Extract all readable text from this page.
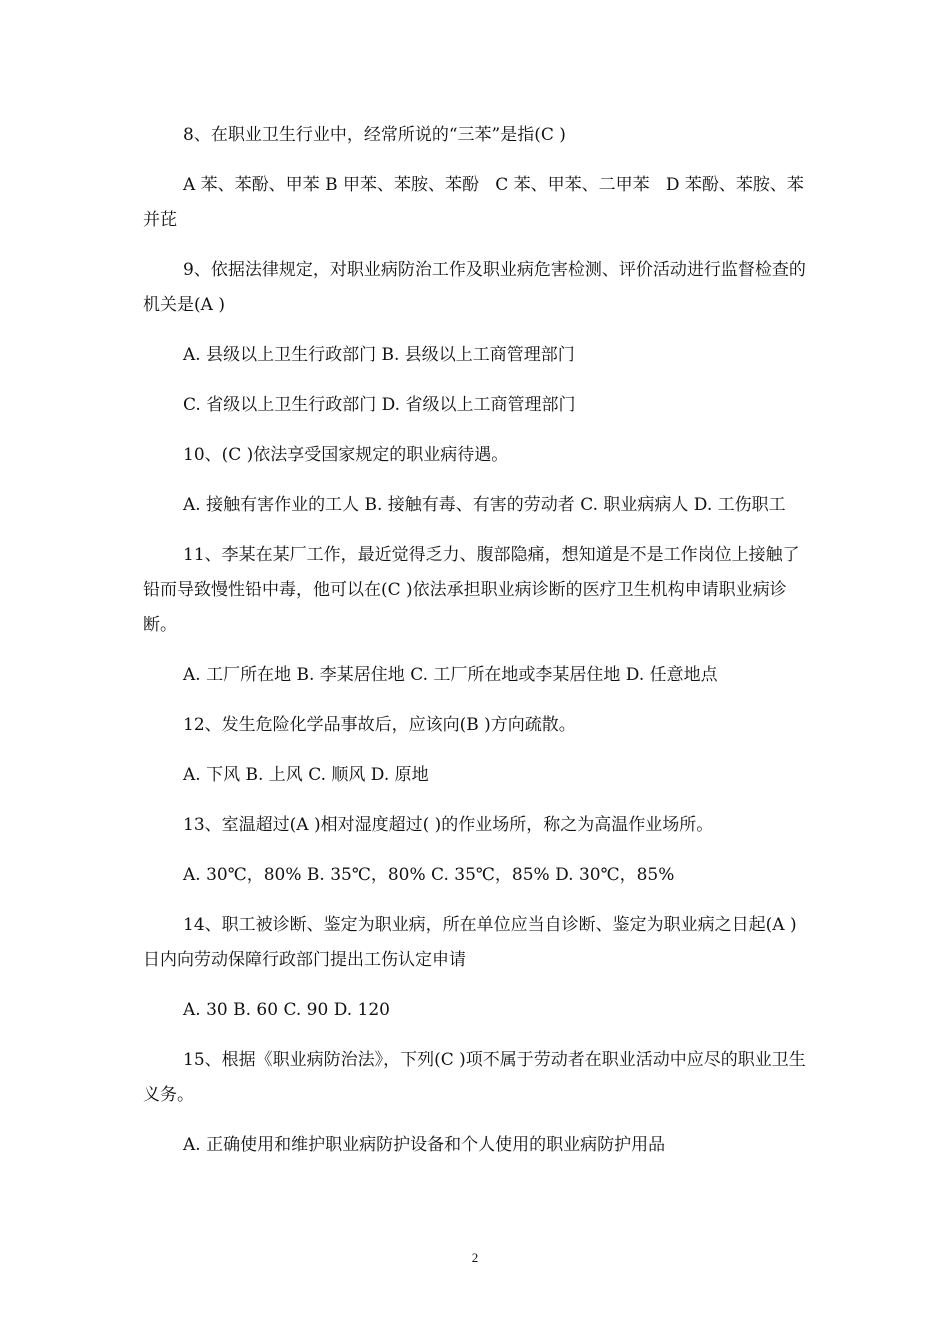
8、在职业卫生行业中，经常所说的“三苯”是指(C )

A 苯、苯酚、甲苯 B 甲苯、苯胺、苯酚   C 苯、甲苯、二甲苯   D 苯酚、苯胺、苯并芘

9、依据法律规定，对职业病防治工作及职业病危害检测、评价活动进行监督检查的机关是(A )

A. 县级以上卫生行政部门 B. 县级以上工商管理部门

C. 省级以上卫生行政部门 D. 省级以上工商管理部门

10、(C )依法享受国家规定的职业病待遇。

A. 接触有害作业的工人 B. 接触有毒、有害的劳动者 C. 职业病病人 D. 工伤职工

11、李某在某厂工作，最近觉得乏力、腹部隐痛，想知道是不是工作岗位上接触了铅而导致慢性铅中毒，他可以在(C )依法承担职业病诊断的医疗卫生机构申请职业病诊断。

A. 工厂所在地 B. 李某居住地 C. 工厂所在地或李某居住地 D. 任意地点

12、发生危险化学品事故后，应该向(B )方向疏散。

A. 下风 B. 上风 C. 顺风 D. 原地

13、室温超过(A )相对湿度超过( )的作业场所，称之为高温作业场所。

A. 30℃，80% B. 35℃，80% C. 35℃，85% D. 30℃，85%

14、职工被诊断、鉴定为职业病，所在单位应当自诊断、鉴定为职业病之日起(A )日内向劳动保障行政部门提出工伤认定申请

A. 30 B. 60 C. 90 D. 120

15、根据《职业病防治法》，下列(C )项不属于劳动者在职业活动中应尽的职业卫生义务。

A. 正确使用和维护职业病防护设备和个人使用的职业病防护用品

2
